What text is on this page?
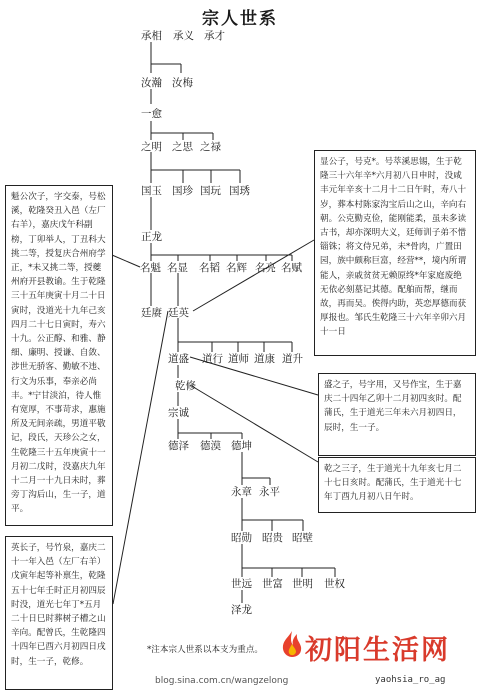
宗人世系
承相 承义 承才
汝瀚 汝梅
一愈
之明 之思 之禄
国玉 国珍 国玩 国琇
正龙
名魁 名显 名韬 名辉 名亮 名赋
廷赓 廷英
道盛 道行 道师 道康 道升
乾修
宗诚
德泽 德漠 德坤
永章 永平
昭勋 昭贵 昭壁
世远 世富 世明 世权
泽龙
魁公次子，字交泰，号松溪，乾隆癸丑入邑（左厂右羊），嘉庆戊午科副榜，丁卯举人，丁丑科大挑二等，授复庆合州府学正，*未又挑二等，授夔州府开县教谕。生于乾隆三十五年庚寅十月二十日寅时，没道光十九年己亥四月二十七日寅时，寿六十九。公正醇、和雅、静细、廉明、授谦、自敛、涉世无骄客、勤敏不违、行文为乐事，奉亲必尚丰。*宁甘淡泊，待人惟有宽厚，不事苛求，惠施所及无间亲疏，男道平敬记，段氏，天珍公之女，生乾隆三十五年庚寅十一月初二戊时，没嘉庆九年十二月一十九日未时，葬旁丁沟后山，生一子，道平。
显公子，号克*。号萃溪思锡，生于乾隆三十六年辛*六月初八日申时，没咸丰元年辛亥十二月十二日午时，寿八十岁，葬本村陈家沟宝后山之山，辛向右朝。公克勤克俭，能刚能柔，虽未多读古书，却亦深明大义，廷师训子弟不惜锱铢；将文侍兄弟，未*骨肉，广置田园，族中颇称巨富，经营**，境内所谓能人，亲戚贫贫无赖原终*年家庭废绝无依必刻墓记其德。配舶而帮，继而故，再而吴。俟得内助，英恋厚德而获厚报也。邹氏生乾隆三十六年辛卯六月十一日
盛之子，号字用，又号作宝，生于嘉庆二十四年乙卯十二月初四亥时。配蒲氏，生于道光三年未六月初四日，辰时，生一子。
乾之三子，生于道光十九年亥七月二十七日亥时。配蒲氏，生于道光十七年丁酉九月初八日午时。
英长子，号竹泉，嘉庆二十一年入邑（左厂右羊）戊寅年起等补禀生，乾隆五十七年壬时正月初四辰时没，道光七年丁*五月二十日巳时葬树子槽之山辛向。配曾氏，生乾隆四十四年已酉六月初四日戌时，生一子，乾修。
*注本宗人世系以本支为重点。 初阳生活网
blog.sina.com.cn/wangzelong	yaohsia_ro_ag
